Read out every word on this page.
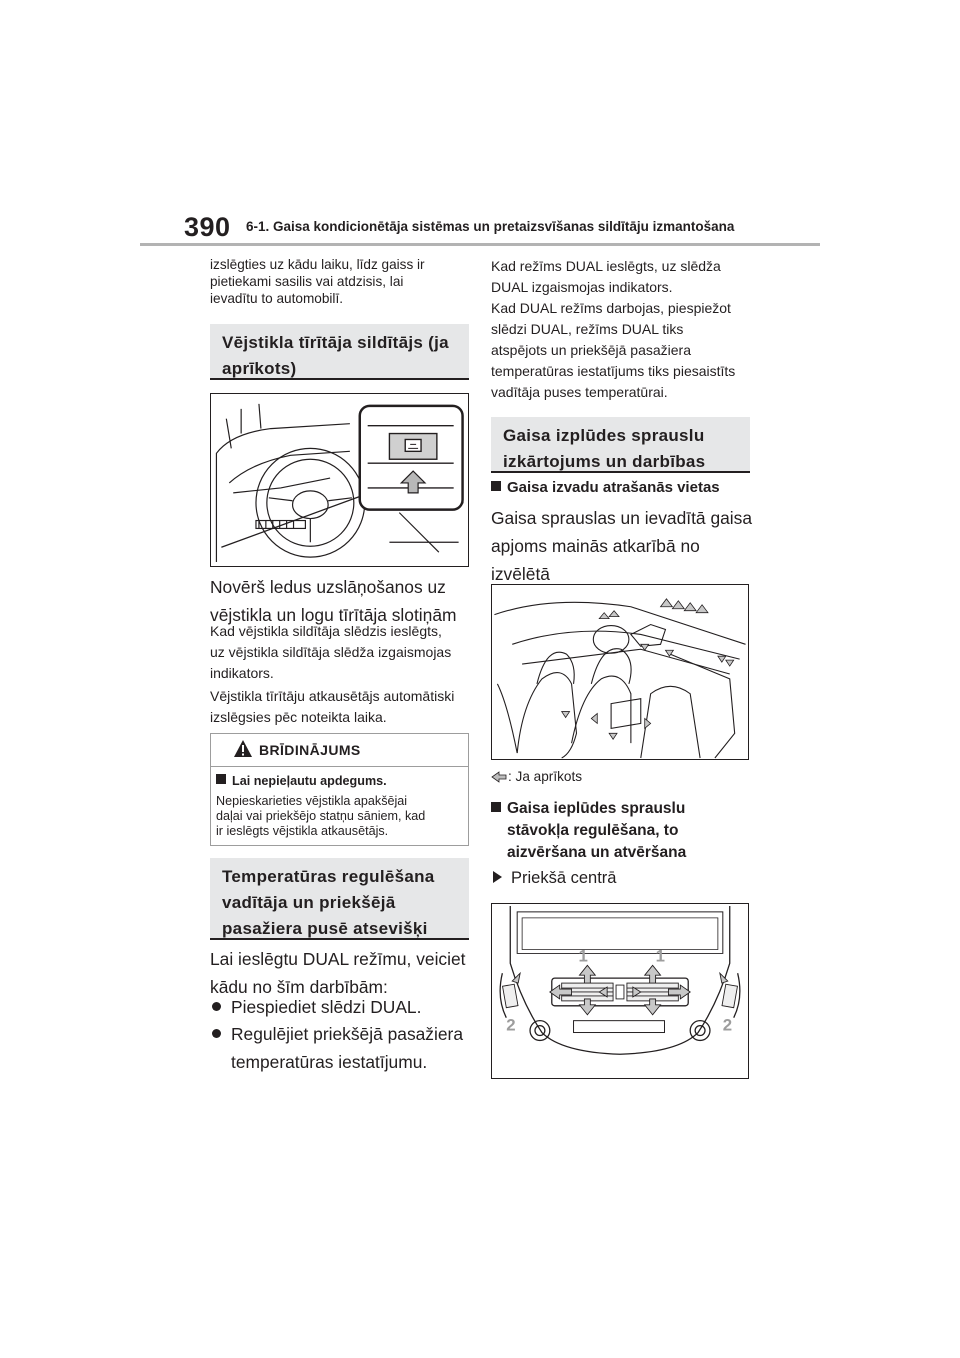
390 6-1. Gaisa kondicionētāja sistēmas un pretaizsvīšanas sildītāju izmantošana
izslēgties uz kādu laiku, līdz gaiss ir
pietiekami sasilis vai atdzisis, lai
ievadītu to automobilī.
Vējstikla tīrītāja sildītājs (ja
aprīkots)
Novērš ledus uzslāņošanos uz
vējstikla un logu tīrītāja slotiņām
Kad vējstikla sildītāja slēdzis ieslēgts,
uz vējstikla sildītāja slēdža izgaismojas
indikators.
Vējstikla tīrītāju atkausētājs automātiski
izslēgsies pēc noteikta laika.
BRĪDINĀJUMS
Lai nepieļautu apdegums.
Nepieskarieties vējstikla apakšējai
daļai vai priekšējo statņu sāniem, kad
ir ieslēgts vējstikla atkausētājs.
Temperatūras regulēšana
vadītāja un priekšējā
pasažiera pusē atsevišķi
Lai ieslēgtu DUAL režīmu, veiciet
kādu no šīm darbībām:
Piespiediet slēdzi DUAL.
Regulējiet priekšējā pasažiera
temperatūras iestatījumu.
Kad režīms DUAL ieslēgts, uz slēdža
DUAL izgaismojas indikators.
Kad DUAL režīms darbojas, piespiežot
slēdzi DUAL, režīms DUAL tiks
atspējots un priekšējā pasažiera
temperatūras iestatījums tiks piesaistīts
vadītāja puses temperatūrai.
Gaisa izplūdes sprauslu
izkārtojums un darbības
Gaisa izvadu atrašanās vietas
Gaisa sprauslas un ievadītā gaisa
apjoms mainās atkarībā no izvēlētā
: Ja aprīkots
Gaisa ieplūdes sprauslu
stāvokļa regulēšana, to
aizvēršana un atvēršana
Priekšā centrā
1	1
2	2
